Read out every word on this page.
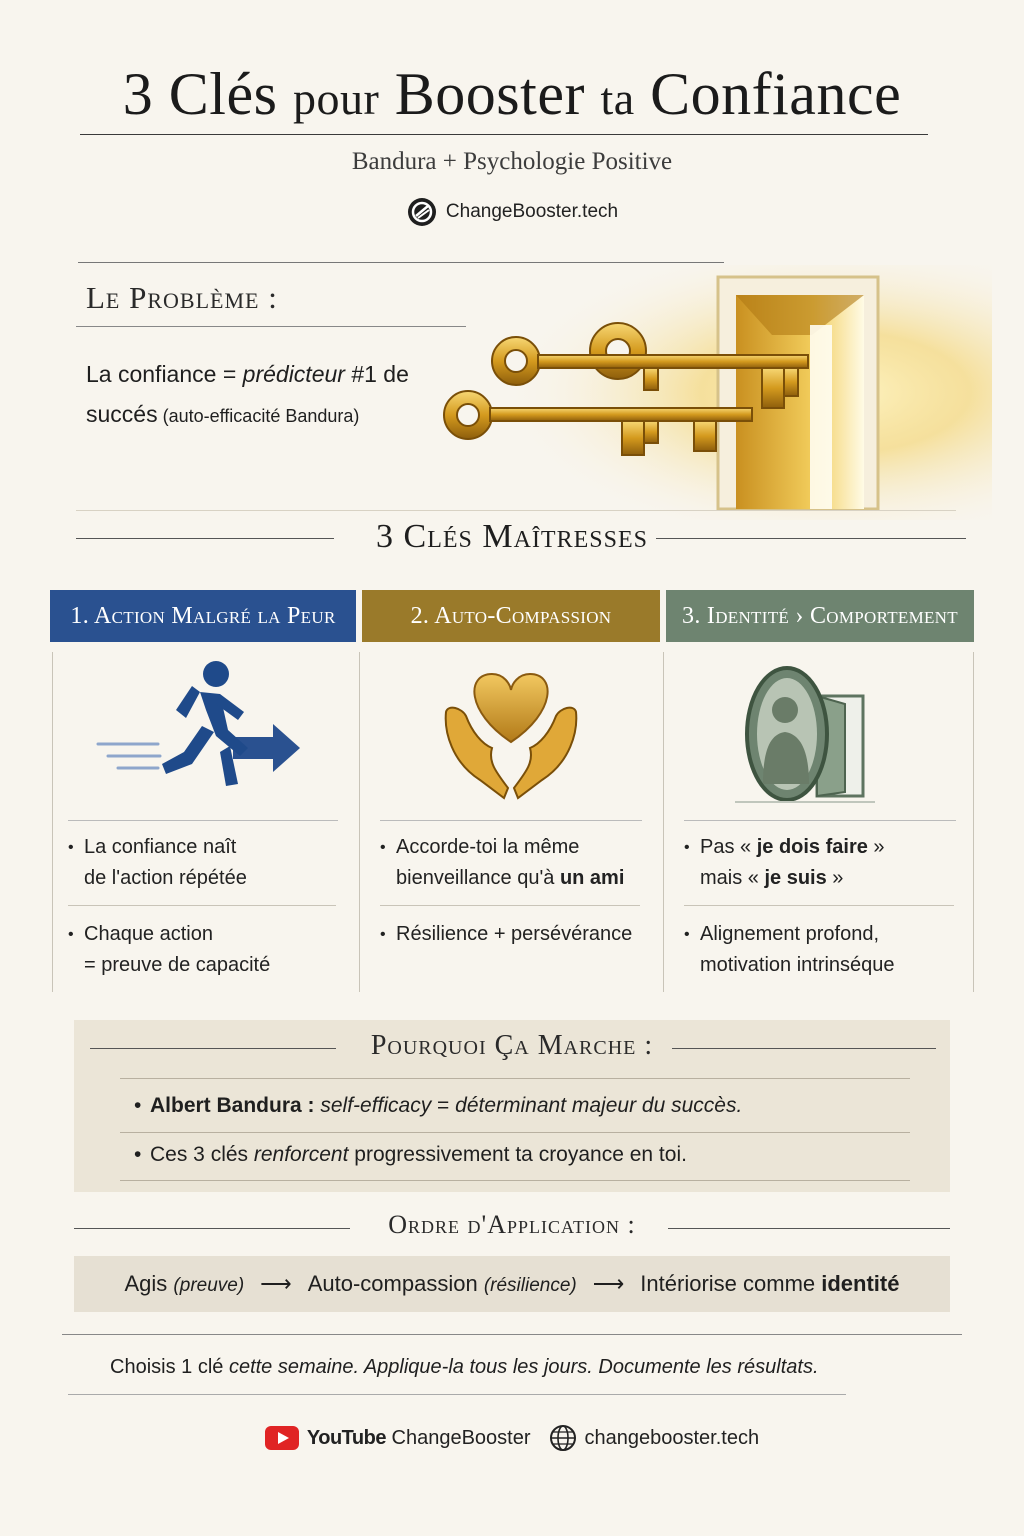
3 Clés pour Booster ta Confiance
Bandura + Psychologie Positive
ChangeBooster.tech
Le Problème :
La confiance = prédicteur #1 de
succés (auto-efficacité Bandura)
3 Clés Maîtresses
1. Action Malgré la Peur
• La confiance naît
de l'action répétée
• Chaque action
= preuve de capacité
2. Auto-Compassion
• Accorde-toi la même
bienveillance qu'à un ami
• Résilience + persévérance
3. Identité › Comportement
• Pas « je dois faire »
mais « je suis »
• Alignement profond,
motivation intrinséque
Pourquoi Ça Marche :
• Albert Bandura : self-efficacy = déterminant majeur du succès.
• Ces 3 clés renforcent progressivement ta croyance en toi.
Ordre d'Application :
Agis (preuve) ⟶ Auto-compassion (résilience) ⟶ Intériorise comme identité
Choisis 1 clé cette semaine. Applique-la tous les jours. Documente les résultats.
YouTube ChangeBooster	changebooster.tech
